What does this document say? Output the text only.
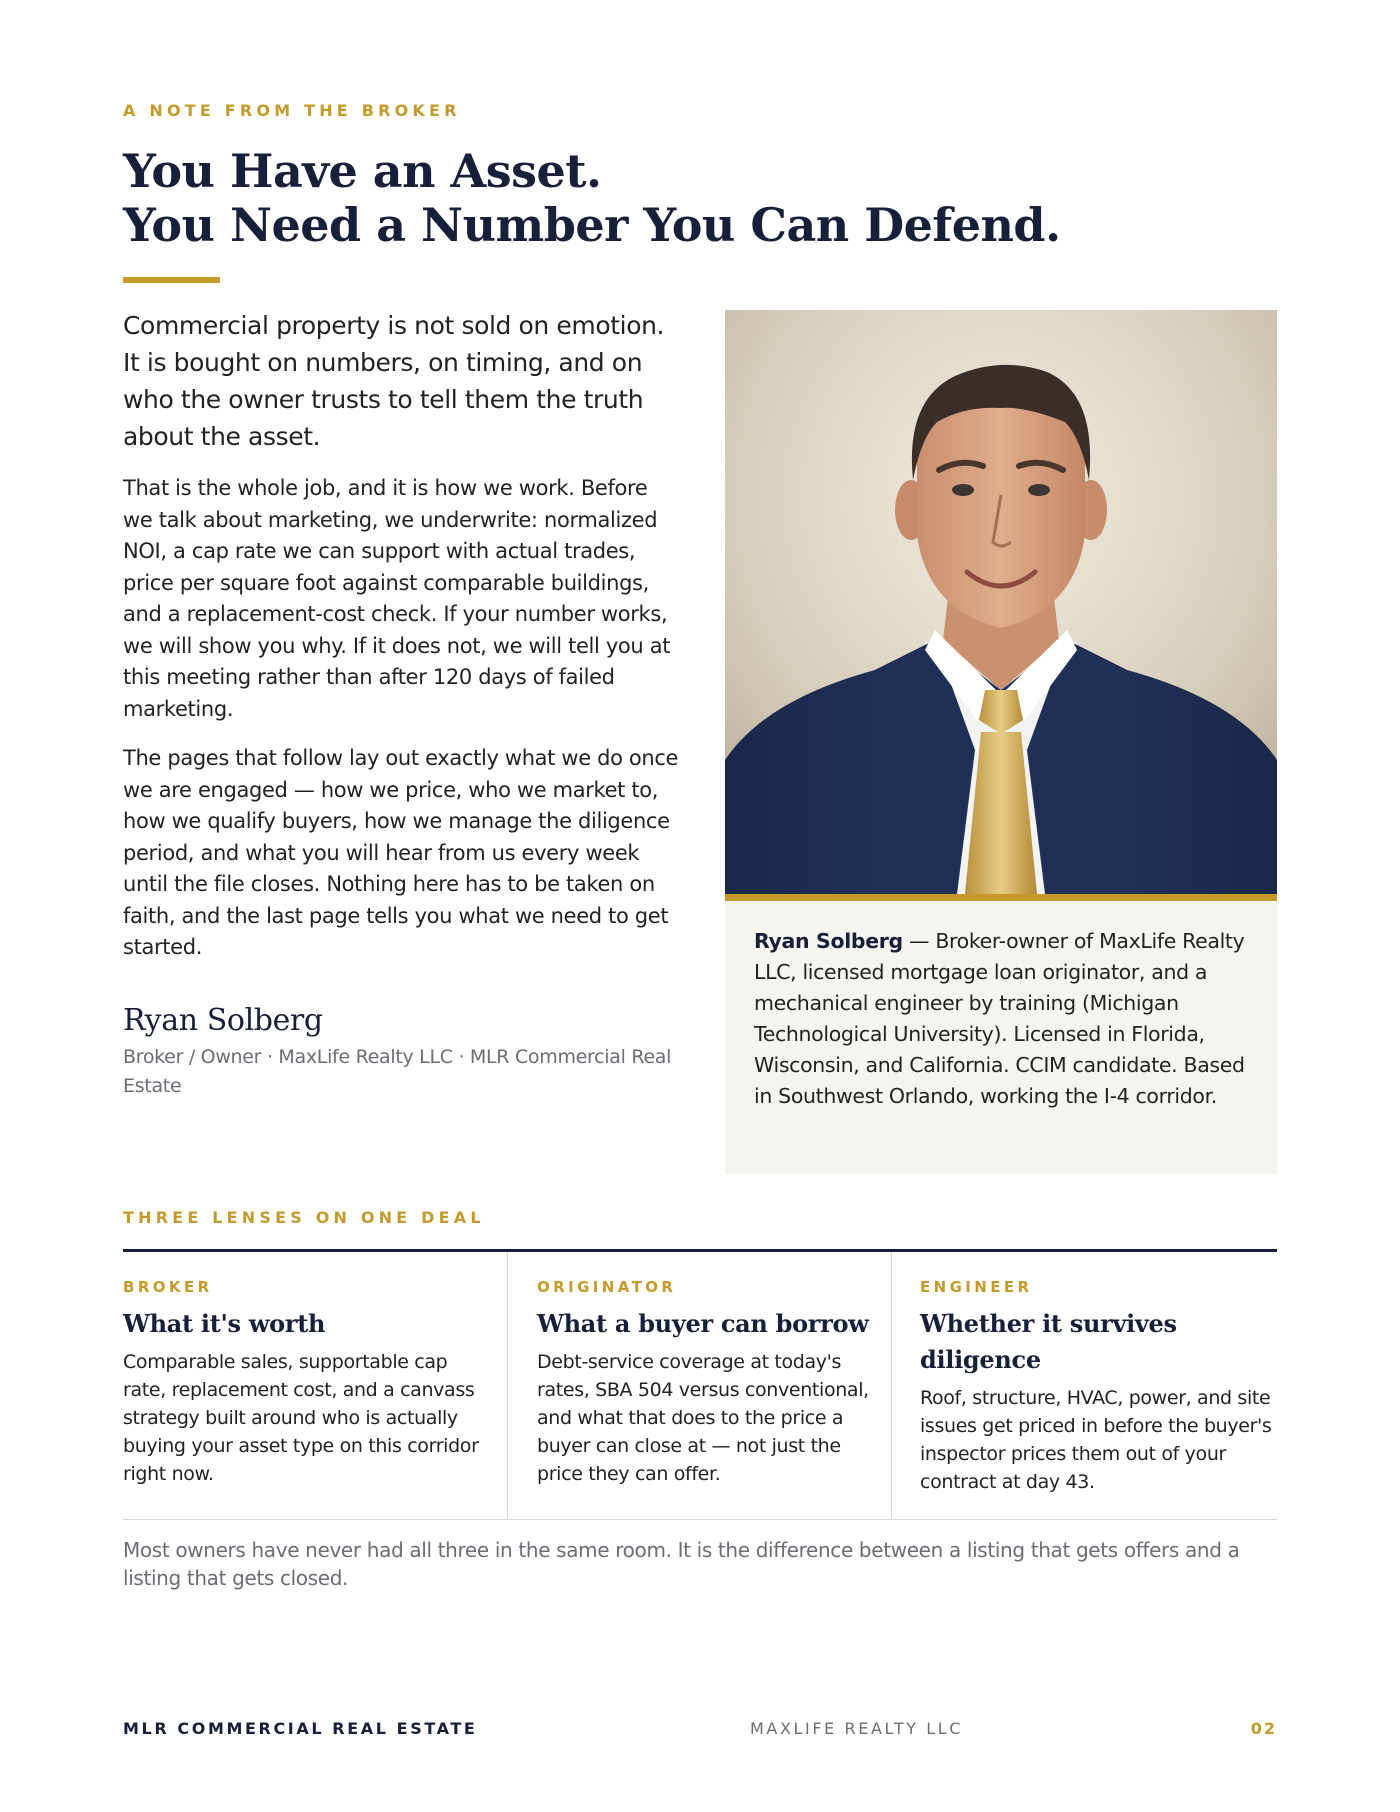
A NOTE FROM THE BROKER
You Have an Asset.
You Need a Number You Can Defend.

Commercial property is not sold on emotion. It is bought on numbers, on timing, and on who the owner trusts to tell them the truth about the asset.

That is the whole job, and it is how we work. Before we talk about marketing, we underwrite: normalized NOI, a cap rate we can support with actual trades, price per square foot against comparable buildings, and a replacement-cost check. If your number works, we will show you why. If it does not, we will tell you at this meeting rather than after 120 days of failed marketing.

The pages that follow lay out exactly what we do once we are engaged — how we price, who we market to, how we qualify buyers, how we manage the diligence period, and what you will hear from us every week until the file closes. Nothing here has to be taken on faith, and the last page tells you what we need to get started.

Ryan Solberg
Broker / Owner · MaxLife Realty LLC · MLR Commercial Real Estate

Ryan Solberg — Broker-owner of MaxLife Realty LLC, licensed mortgage loan originator, and a mechanical engineer by training (Michigan Technological University). Licensed in Florida, Wisconsin, and California. CCIM candidate. Based in Southwest Orlando, working the I-4 corridor.

THREE LENSES ON ONE DEAL
BROKER
What it's worth

Comparable sales, supportable cap rate, replacement cost, and a canvass strategy built around who is actually buying your asset type on this corridor right now.

ORIGINATOR
What a buyer can borrow

Debt-service coverage at today's rates, SBA 504 versus conventional, and what that does to the price a buyer can close at — not just the price they can offer.

ENGINEER
Whether it survives diligence

Roof, structure, HVAC, power, and site issues get priced in before the buyer's inspector prices them out of your contract at day 43.

Most owners have never had all three in the same room. It is the difference between a listing that gets offers and a listing that gets closed.

MLR COMMERCIAL REAL ESTATE	MAXLIFE REALTY LLC	02
